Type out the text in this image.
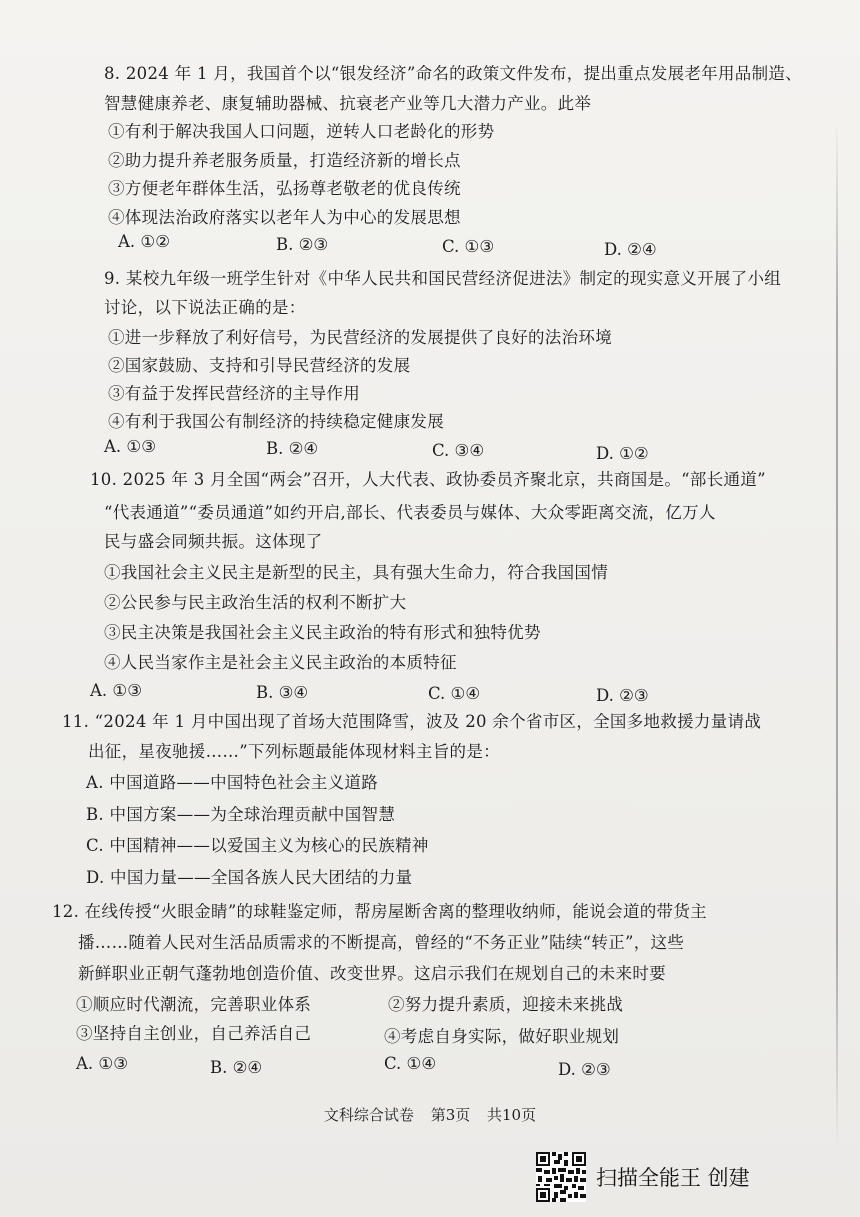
8. 2024 年 1 月，我国首个以“银发经济”命名的政策文件发布，提出重点发展老年用品制造、
智慧健康养老、康复辅助器械、抗衰老产业等几大潜力产业。此举
①有利于解决我国人口问题，逆转人口老龄化的形势
②助力提升养老服务质量，打造经济新的增长点
③方便老年群体生活，弘扬尊老敬老的优良传统
④体现法治政府落实以老年人为中心的发展思想
A. ①②	B. ②③	C. ①③	D. ②④
9. 某校九年级一班学生针对《中华人民共和国民营经济促进法》制定的现实意义开展了小组
讨论，以下说法正确的是：
①进一步释放了利好信号，为民营经济的发展提供了良好的法治环境
②国家鼓励、支持和引导民营经济的发展
③有益于发挥民营经济的主导作用
④有利于我国公有制经济的持续稳定健康发展
A. ①③	B. ②④	C. ③④	D. ①②
10. 2025 年 3 月全国“两会”召开，人大代表、政协委员齐聚北京，共商国是。“部长通道”
“代表通道”“委员通道”如约开启,部长、代表委员与媒体、大众零距离交流，亿万人
民与盛会同频共振。这体现了
①我国社会主义民主是新型的民主，具有强大生命力，符合我国国情
②公民参与民主政治生活的权利不断扩大
③民主决策是我国社会主义民主政治的特有形式和独特优势
④人民当家作主是社会主义民主政治的本质特征
A. ①③	B. ③④	C. ①④	D. ②③
11. “2024 年 1 月中国出现了首场大范围降雪，波及 20 余个省市区，全国多地救援力量请战
出征，星夜驰援……”下列标题最能体现材料主旨的是：
A. 中国道路——中国特色社会主义道路
B. 中国方案——为全球治理贡献中国智慧
C. 中国精神——以爱国主义为核心的民族精神
D. 中国力量——全国各族人民大团结的力量
12. 在线传授“火眼金睛”的球鞋鉴定师，帮房屋断舍离的整理收纳师，能说会道的带货主
播……随着人民对生活品质需求的不断提高，曾经的“不务正业”陆续“转正”，这些
新鲜职业正朝气蓬勃地创造价值、改变世界。这启示我们在规划自己的未来时要
①顺应时代潮流，完善职业体系	②努力提升素质，迎接未来挑战
③坚持自主创业，自己养活自己	④考虑自身实际，做好职业规划
A. ①③	B. ②④	C. ①④	D. ②③
文科综合试卷 第3页 共10页
扫描全能王 创建
